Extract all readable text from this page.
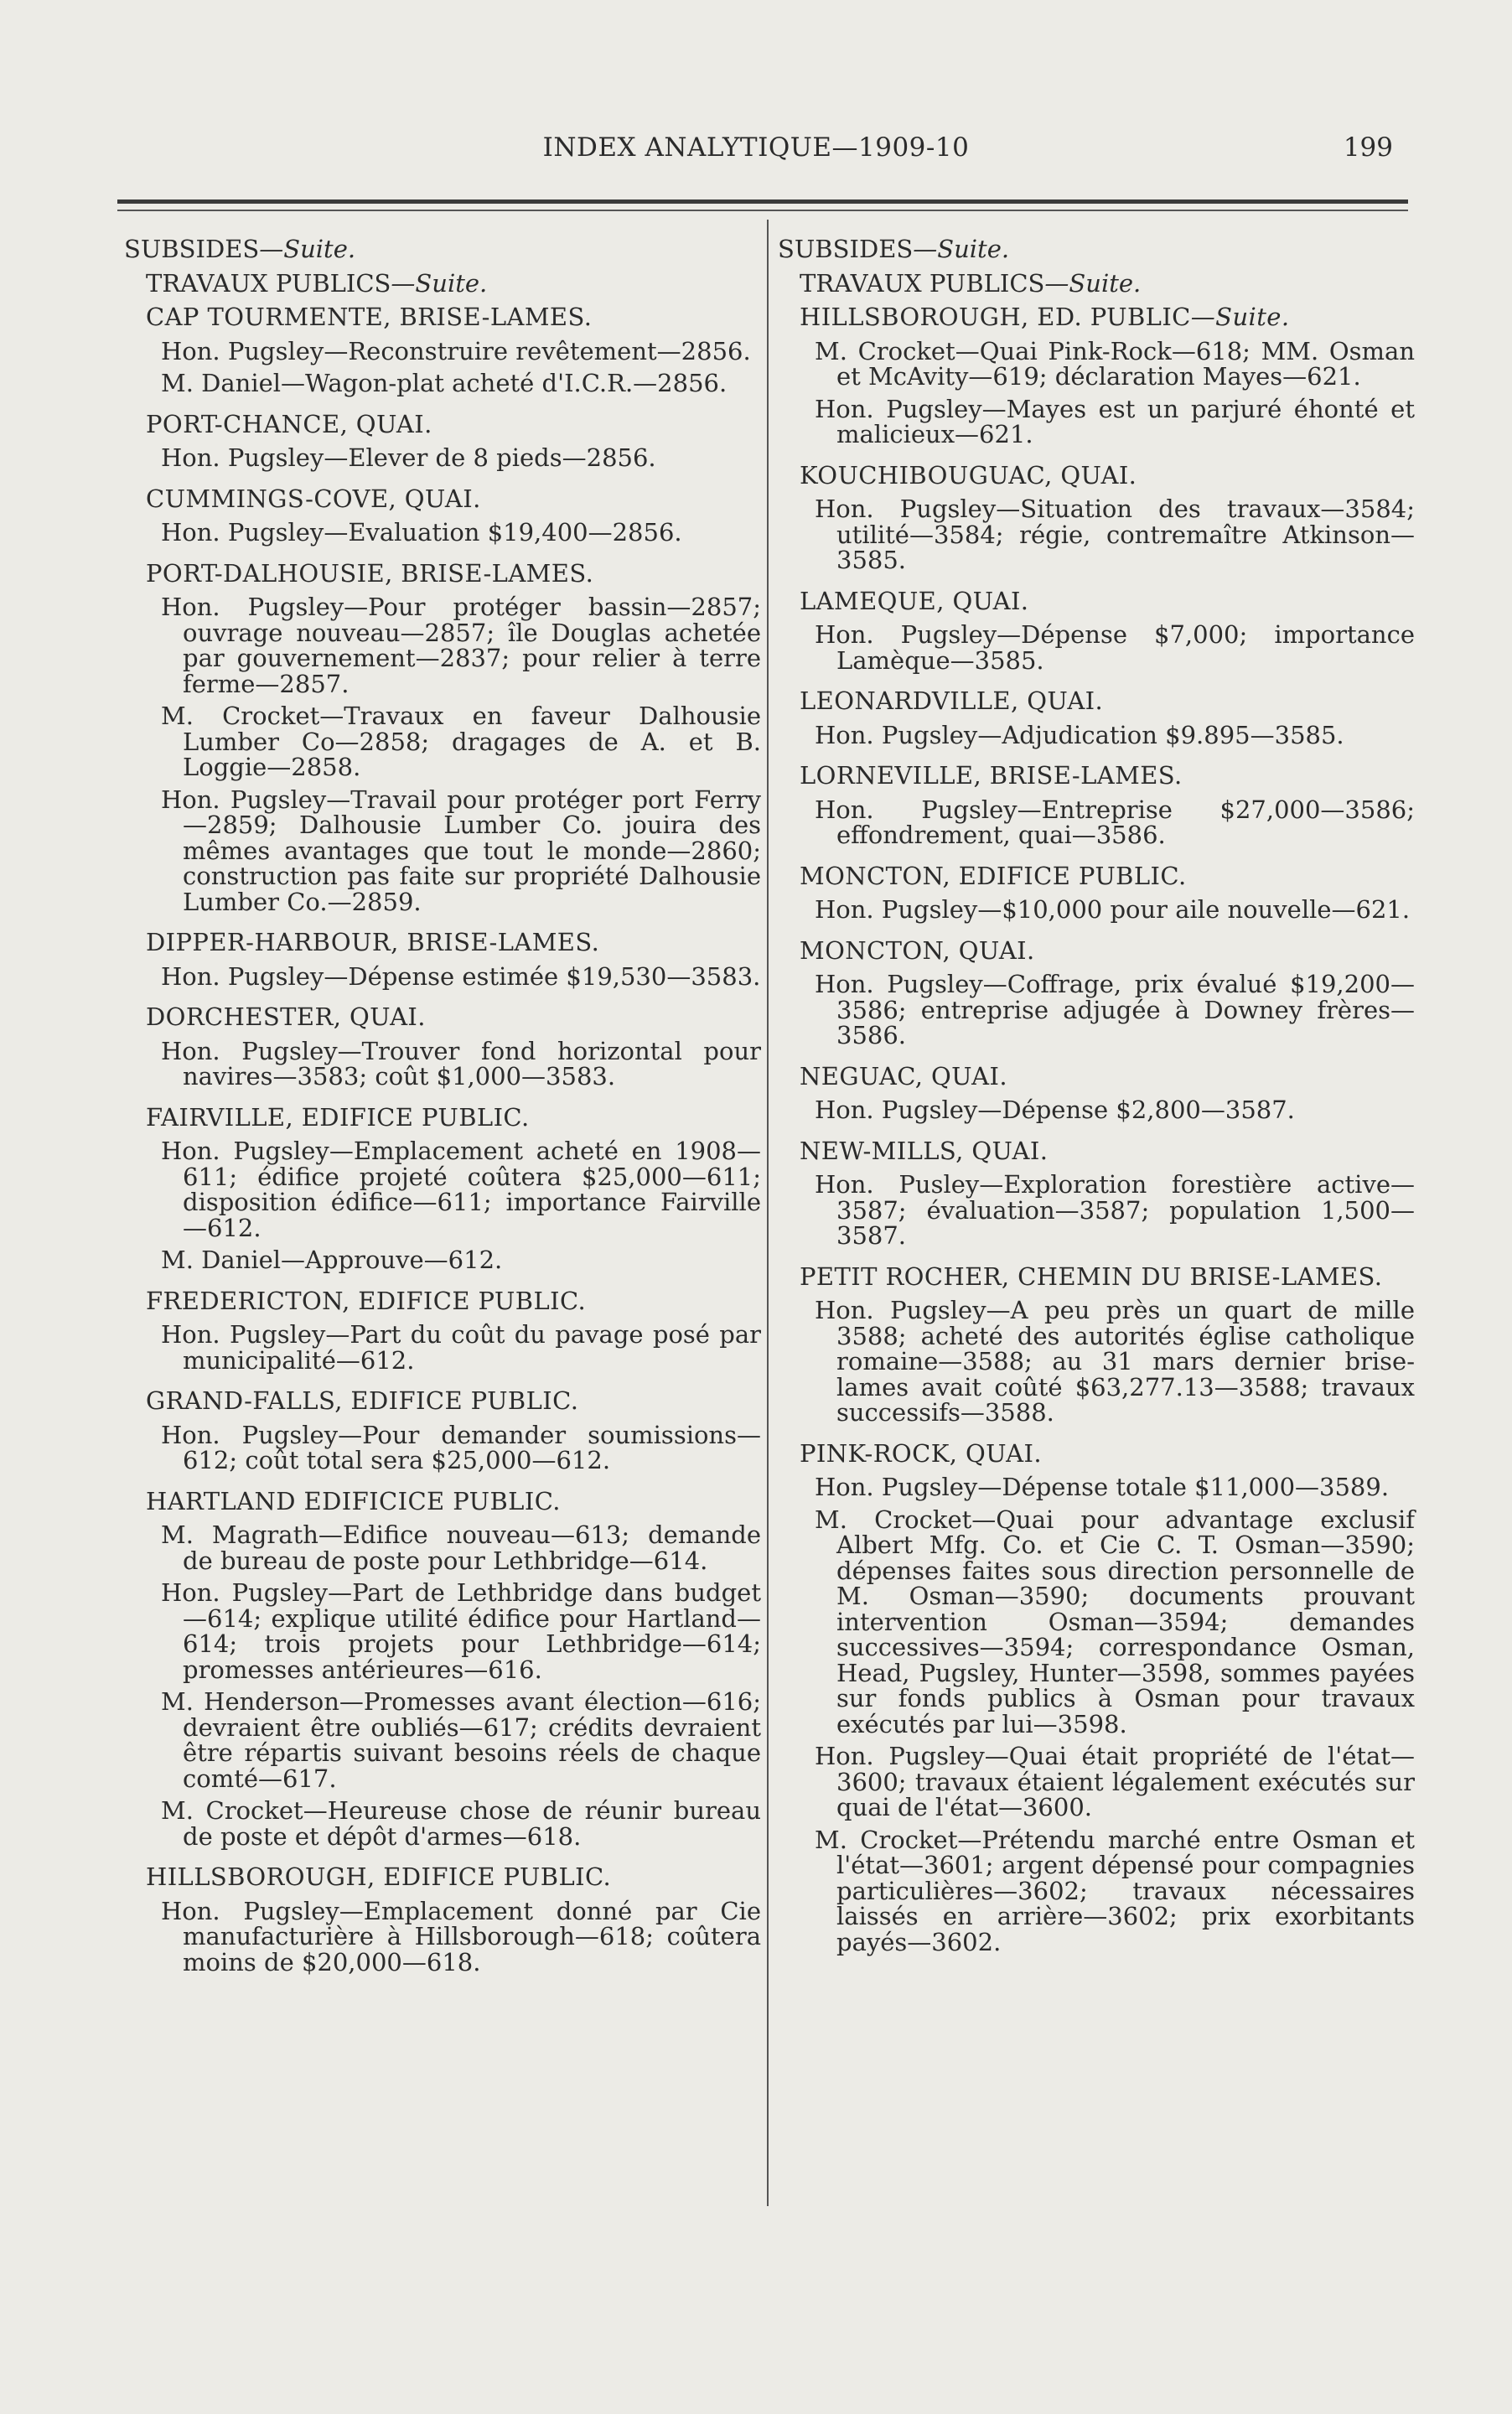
INDEX ANALYTIQUE—1909-10	199
SUBSIDES—Suite.
TRAVAUX PUBLICS—Suite.
CAP TOURMENTE, BRISE-LAMES.
Hon. Pugsley—Reconstruire revêtement—2856.
M. Daniel—Wagon-plat acheté d'I.C.R.—2856.
PORT-CHANCE, QUAI.
Hon. Pugsley—Elever de 8 pieds—2856.
CUMMINGS-COVE, QUAI.
Hon. Pugsley—Evaluation $19,400—2856.
PORT-DALHOUSIE, BRISE-LAMES.
Hon. Pugsley—Pour protéger bassin—2857; ouvrage nouveau—2857; île Douglas achetée par gouvernement—2837; pour relier à terre ferme—2857.
M. Crocket—Travaux en faveur Dalhousie Lumber Co—2858; dragages de A. et B. Loggie—2858.
Hon. Pugsley—Travail pour protéger port Ferry—2859; Dalhousie Lumber Co. jouira des mêmes avantages que tout le monde—2860; construction pas faite sur propriété Dalhousie Lumber Co.—2859.
DIPPER-HARBOUR, BRISE-LAMES.
Hon. Pugsley—Dépense estimée $19,530—3583.
DORCHESTER, QUAI.
Hon. Pugsley—Trouver fond horizontal pour navires—3583; coût $1,000—3583.
FAIRVILLE, EDIFICE PUBLIC.
Hon. Pugsley—Emplacement acheté en 1908—611; édifice projeté coûtera $25,000—611; disposition édifice—611; importance Fairville—612.
M. Daniel—Approuve—612.
FREDERICTON, EDIFICE PUBLIC.
Hon. Pugsley—Part du coût du pavage posé par municipalité—612.
GRAND-FALLS, EDIFICE PUBLIC.
Hon. Pugsley—Pour demander soumissions—612; coût total sera $25,000—612.
HARTLAND EDIFICICE PUBLIC.
M. Magrath—Edifice nouveau—613; demande de bureau de poste pour Lethbridge—614.
Hon. Pugsley—Part de Lethbridge dans budget—614; explique utilité édifice pour Hartland—614; trois projets pour Lethbridge—614; promesses antérieures—616.
M. Henderson—Promesses avant élection—616; devraient être oubliés—617; crédits devraient être répartis suivant besoins réels de chaque comté—617.
M. Crocket—Heureuse chose de réunir bureau de poste et dépôt d'armes—618.
HILLSBOROUGH, EDIFICE PUBLIC.
Hon. Pugsley—Emplacement donné par Cie manufacturière à Hillsborough—618; coûtera moins de $20,000—618.
SUBSIDES—Suite.
TRAVAUX PUBLICS—Suite.
HILLSBOROUGH, ED. PUBLIC—Suite.
M. Crocket—Quai Pink-Rock—618; MM. Osman et McAvity—619; déclaration Mayes—621.
Hon. Pugsley—Mayes est un parjuré éhonté et malicieux—621.
KOUCHIBOUGUAC, QUAI.
Hon. Pugsley—Situation des travaux—3584; utilité—3584; régie, contremaître Atkinson—3585.
LAMEQUE, QUAI.
Hon. Pugsley—Dépense $7,000; importance Lamèque—3585.
LEONARDVILLE, QUAI.
Hon. Pugsley—Adjudication $9.895—3585.
LORNEVILLE, BRISE-LAMES.
Hon. Pugsley—Entreprise $27,000—3586; effondrement, quai—3586.
MONCTON, EDIFICE PUBLIC.
Hon. Pugsley—$10,000 pour aile nouvelle—621.
MONCTON, QUAI.
Hon. Pugsley—Coffrage, prix évalué $19,200—3586; entreprise adjugée à Downey frères—3586.
NEGUAC, QUAI.
Hon. Pugsley—Dépense $2,800—3587.
NEW-MILLS, QUAI.
Hon. Pusley—Exploration forestière active—3587; évaluation—3587; population 1,500—3587.
PETIT ROCHER, CHEMIN DU BRISE-LAMES.
Hon. Pugsley—A peu près un quart de mille 3588; acheté des autorités église catholique romaine—3588; au 31 mars dernier brise-lames avait coûté $63,277.13—3588; travaux successifs—3588.
PINK-ROCK, QUAI.
Hon. Pugsley—Dépense totale $11,000—3589.
M. Crocket—Quai pour advantage exclusif Albert Mfg. Co. et Cie C. T. Osman—3590; dépenses faites sous direction personnelle de M. Osman—3590; documents prouvant intervention Osman—3594; demandes successives—3594; correspondance Osman, Head, Pugsley, Hunter—3598, sommes payées sur fonds publics à Osman pour travaux exécutés par lui—3598.
Hon. Pugsley—Quai était propriété de l'état—3600; travaux étaient légalement exécutés sur quai de l'état—3600.
M. Crocket—Prétendu marché entre Osman et l'état—3601; argent dépensé pour compagnies particulières—3602; travaux nécessaires laissés en arrière—3602; prix exorbitants payés—3602.
